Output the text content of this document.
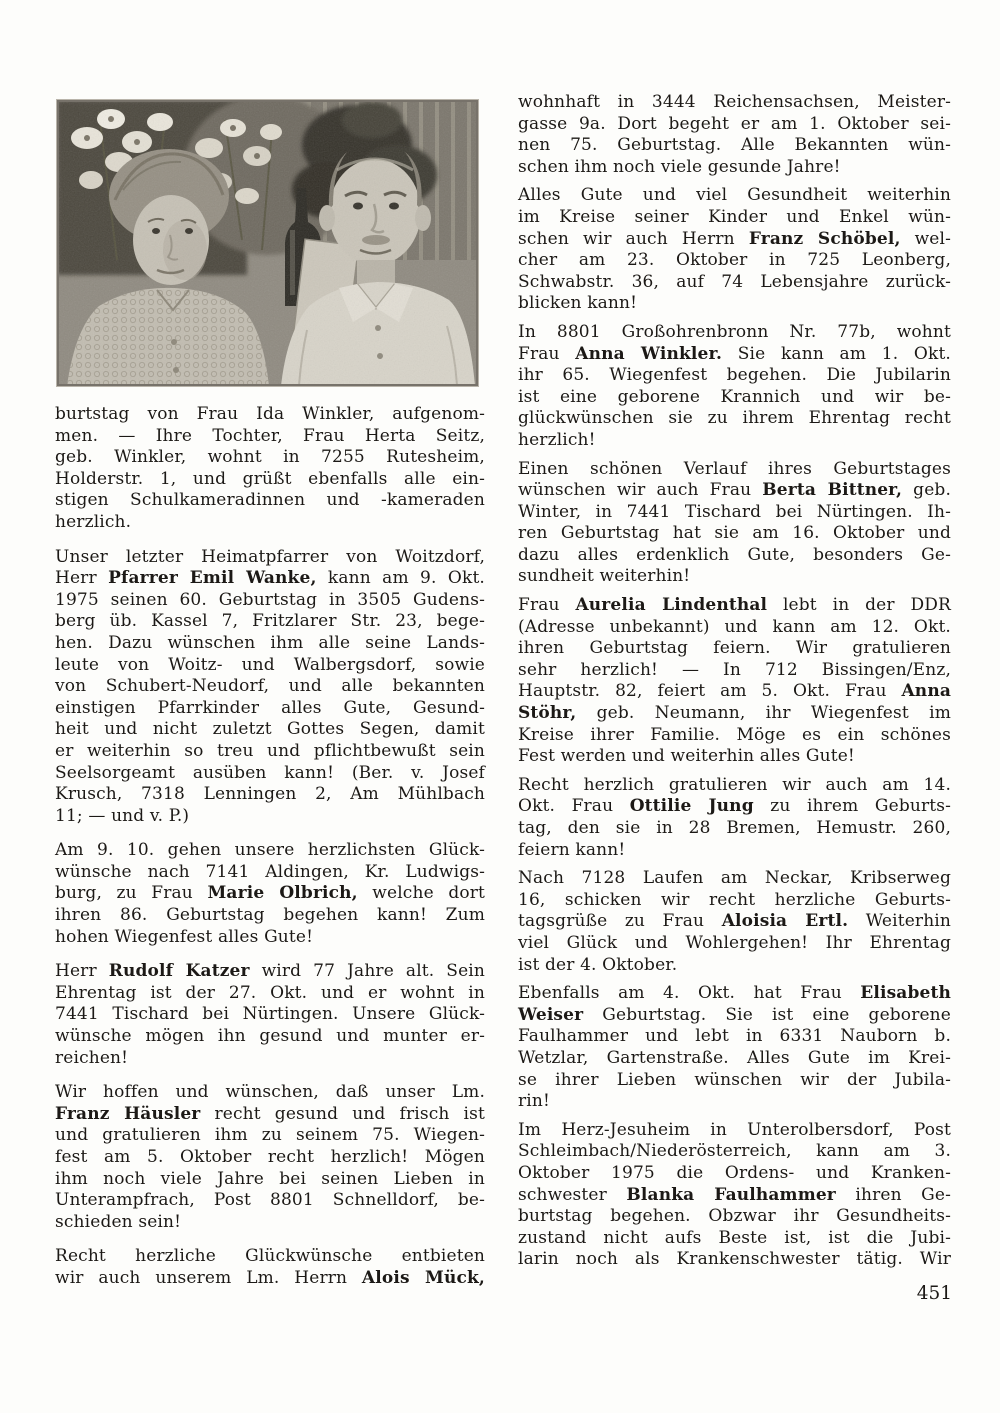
burtstag von Frau Ida Winkler, aufgenom-
men. — Ihre Tochter, Frau Herta Seitz,
geb. Winkler, wohnt in 7255 Rutesheim,
Holderstr. 1, und grüßt ebenfalls alle ein-
stigen Schulkameradinnen und -kameraden
herzlich.

Unser letzter Heimatpfarrer von Woitzdorf,
Herr Pfarrer Emil Wanke, kann am 9. Okt.
1975 seinen 60. Geburtstag in 3505 Gudens-
berg üb. Kassel 7, Fritzlarer Str. 23, bege-
hen. Dazu wünschen ihm alle seine Lands-
leute von Woitz- und Walbergsdorf, sowie
von Schubert-Neudorf, und alle bekannten
einstigen Pfarrkinder alles Gute, Gesund-
heit und nicht zuletzt Gottes Segen, damit
er weiterhin so treu und pflichtbewußt sein
Seelsorgeamt ausüben kann! (Ber. v. Josef
Krusch, 7318 Lenningen 2, Am Mühlbach
11; — und v. P.)

Am 9. 10. gehen unsere herzlichsten Glück-
wünsche nach 7141 Aldingen, Kr. Ludwigs-
burg, zu Frau Marie Olbrich, welche dort
ihren 86. Geburtstag begehen kann! Zum
hohen Wiegenfest alles Gute!

Herr Rudolf Katzer wird 77 Jahre alt. Sein
Ehrentag ist der 27. Okt. und er wohnt in
7441 Tischard bei Nürtingen. Unsere Glück-
wünsche mögen ihn gesund und munter er-
reichen!

Wir hoffen und wünschen, daß unser Lm.
Franz Häusler recht gesund und frisch ist
und gratulieren ihm zu seinem 75. Wiegen-
fest am 5. Oktober recht herzlich! Mögen
ihm noch viele Jahre bei seinen Lieben in
Unterampfrach, Post 8801 Schnelldorf, be-
schieden sein!

Recht herzliche Glückwünsche entbieten
wir auch unserem Lm. Herrn Alois Mück,

wohnhaft in 3444 Reichensachsen, Meister-
gasse 9a. Dort begeht er am 1. Oktober sei-
nen 75. Geburtstag. Alle Bekannten wün-
schen ihm noch viele gesunde Jahre!

Alles Gute und viel Gesundheit weiterhin
im Kreise seiner Kinder und Enkel wün-
schen wir auch Herrn Franz Schöbel, wel-
cher am 23. Oktober in 725 Leonberg,
Schwabstr. 36, auf 74 Lebensjahre zurück-
blicken kann!

In 8801 Großohrenbronn Nr. 77b, wohnt
Frau Anna Winkler. Sie kann am 1. Okt.
ihr 65. Wiegenfest begehen. Die Jubilarin
ist eine geborene Krannich und wir be-
glückwünschen sie zu ihrem Ehrentag recht
herzlich!

Einen schönen Verlauf ihres Geburtstages
wünschen wir auch Frau Berta Bittner, geb.
Winter, in 7441 Tischard bei Nürtingen. Ih-
ren Geburtstag hat sie am 16. Oktober und
dazu alles erdenklich Gute, besonders Ge-
sundheit weiterhin!

Frau Aurelia Lindenthal lebt in der DDR
(Adresse unbekannt) und kann am 12. Okt.
ihren Geburtstag feiern. Wir gratulieren
sehr herzlich! — In 712 Bissingen/Enz,
Hauptstr. 82, feiert am 5. Okt. Frau Anna
Stöhr, geb. Neumann, ihr Wiegenfest im
Kreise ihrer Familie. Möge es ein schönes
Fest werden und weiterhin alles Gute!

Recht herzlich gratulieren wir auch am 14.
Okt. Frau Ottilie Jung zu ihrem Geburts-
tag, den sie in 28 Bremen, Hemustr. 260,
feiern kann!

Nach 7128 Laufen am Neckar, Kribserweg
16, schicken wir recht herzliche Geburts-
tagsgrüße zu Frau Aloisia Ertl. Weiterhin
viel Glück und Wohlergehen! Ihr Ehrentag
ist der 4. Oktober.

Ebenfalls am 4. Okt. hat Frau Elisabeth
Weiser Geburtstag. Sie ist eine geborene
Faulhammer und lebt in 6331 Nauborn b.
Wetzlar, Gartenstraße. Alles Gute im Krei-
se ihrer Lieben wünschen wir der Jubila-
rin!

Im Herz-Jesuheim in Unterolbersdorf, Post
Schleimbach/Niederösterreich, kann am 3.
Oktober 1975 die Ordens- und Kranken-
schwester Blanka Faulhammer ihren Ge-
burtstag begehen. Obzwar ihr Gesundheits-
zustand nicht aufs Beste ist, ist die Jubi-
larin noch als Krankenschwester tätig. Wir

451
